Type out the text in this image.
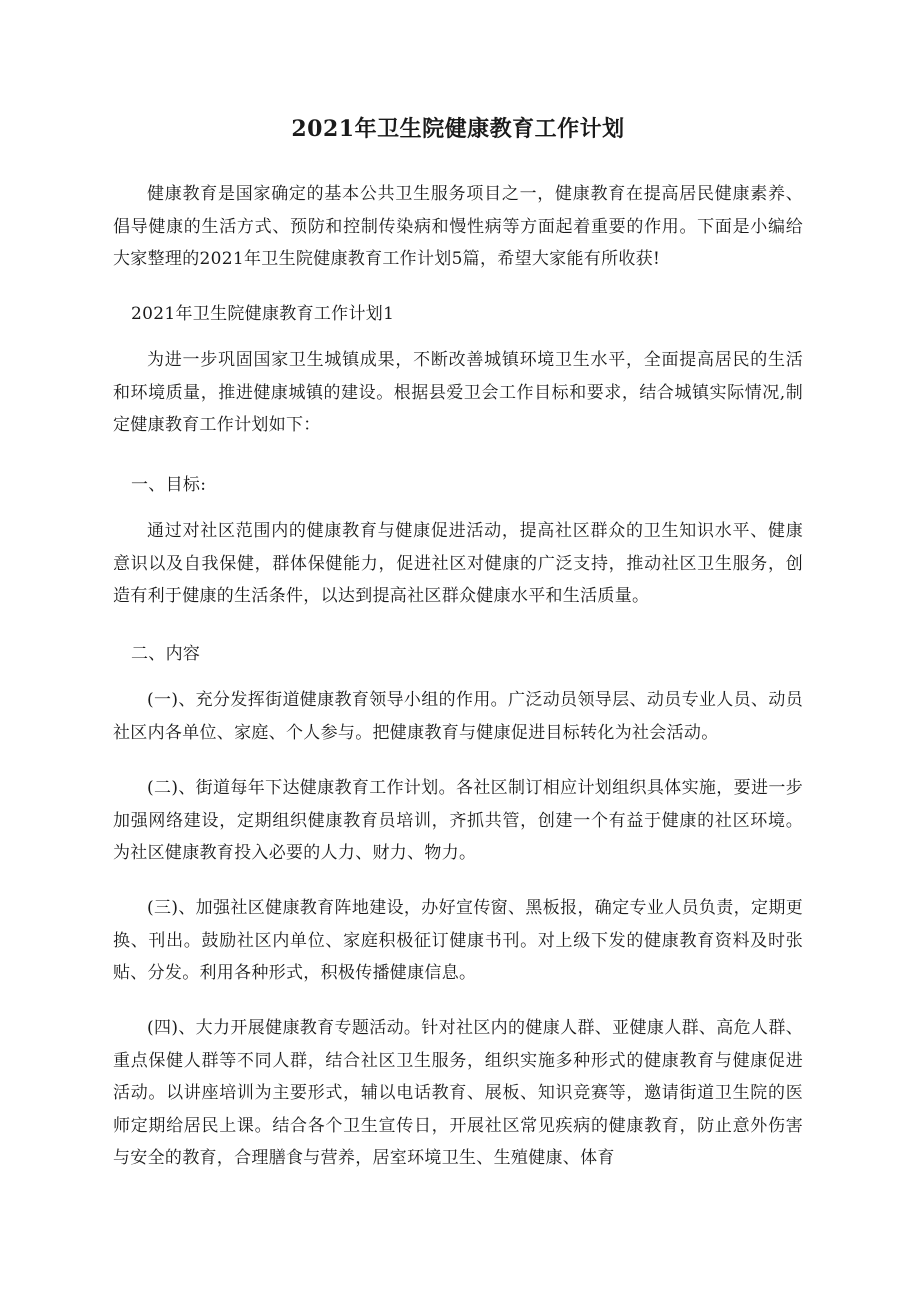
2021年卫生院健康教育工作计划
健康教育是国家确定的基本公共卫生服务项目之一，健康教育在提高居民健康素养、倡导健康的生活方式、预防和控制传染病和慢性病等方面起着重要的作用。下面是小编给大家整理的2021年卫生院健康教育工作计划5篇，希望大家能有所收获!
2021年卫生院健康教育工作计划1
为进一步巩固国家卫生城镇成果，不断改善城镇环境卫生水平，全面提高居民的生活和环境质量，推进健康城镇的建设。根据县爱卫会工作目标和要求，结合城镇实际情况,制定健康教育工作计划如下：
一、目标:
通过对社区范围内的健康教育与健康促进活动，提高社区群众的卫生知识水平、健康意识以及自我保健，群体保健能力，促进社区对健康的广泛支持，推动社区卫生服务，创造有利于健康的生活条件，以达到提高社区群众健康水平和生活质量。
二、内容
(一)、充分发挥街道健康教育领导小组的作用。广泛动员领导层、动员专业人员、动员社区内各单位、家庭、个人参与。把健康教育与健康促进目标转化为社会活动。
(二)、街道每年下达健康教育工作计划。各社区制订相应计划组织具体实施，要进一步加强网络建设，定期组织健康教育员培训，齐抓共管，创建一个有益于健康的社区环境。为社区健康教育投入必要的人力、财力、物力。
(三)、加强社区健康教育阵地建设，办好宣传窗、黑板报，确定专业人员负责，定期更换、刊出。鼓励社区内单位、家庭积极征订健康书刊。对上级下发的健康教育资料及时张贴、分发。利用各种形式，积极传播健康信息。
(四)、大力开展健康教育专题活动。针对社区内的健康人群、亚健康人群、高危人群、重点保健人群等不同人群，结合社区卫生服务，组织实施多种形式的健康教育与健康促进活动。以讲座培训为主要形式，辅以电话教育、展板、知识竞赛等，邀请街道卫生院的医师定期给居民上课。结合各个卫生宣传日，开展社区常见疾病的健康教育，防止意外伤害与安全的教育，合理膳食与营养，居室环境卫生、生殖健康、体育
